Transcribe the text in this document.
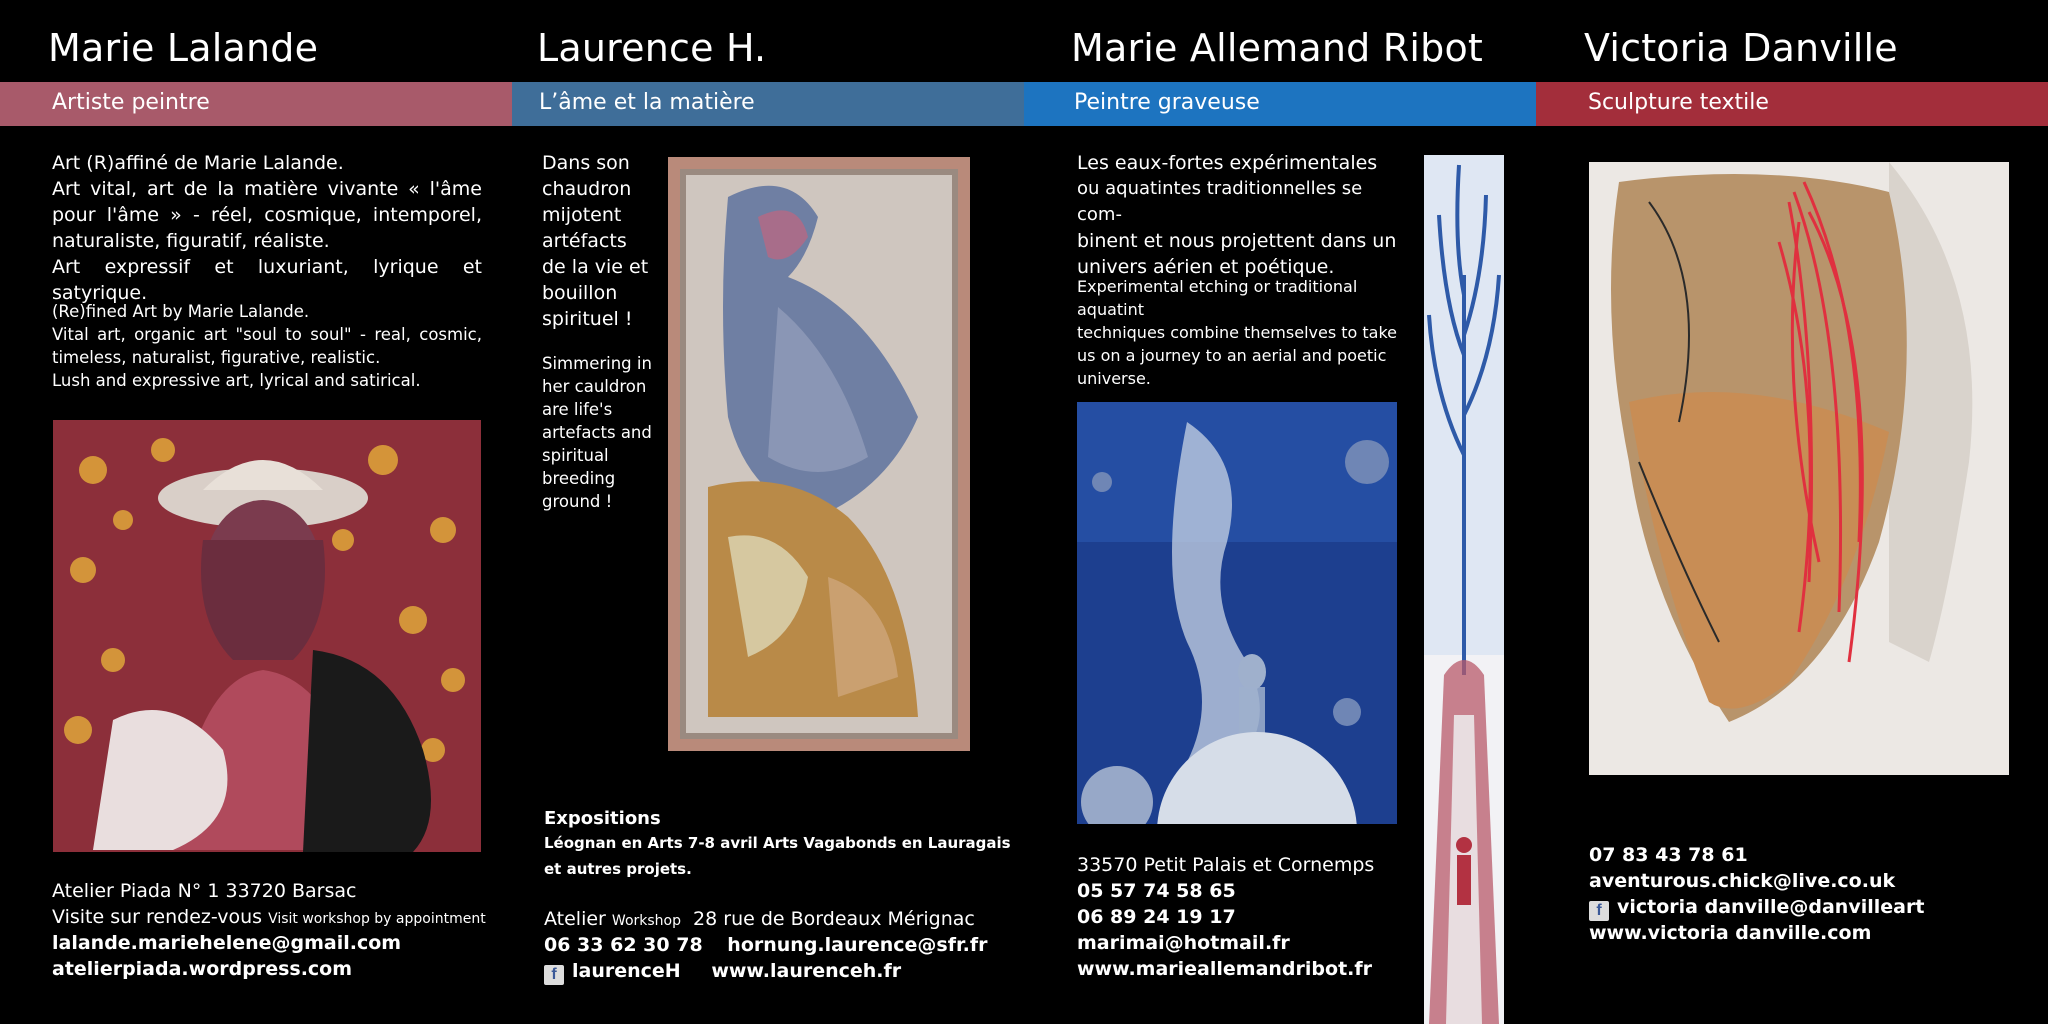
Marie Lalande
Artiste peintre
Art (R)affiné de Marie Lalande.
Art vital, art de la matière vivante « l'âme
pour l'âme » - réel, cosmique, intemporel,
naturaliste, figuratif, réaliste.
Art expressif et luxuriant, lyrique et satyrique.
(Re)fined Art by Marie Lalande.
Vital art, organic art "soul to soul" - real, cosmic,
timeless, naturalist, figurative, realistic.
Lush and expressive art, lyrical and satirical.
Atelier Piada N° 1 33720 Barsac
Visite sur rendez-vous Visit workshop by appointment
lalande.mariehelene@gmail.com
atelierpiada.wordpress.com
Laurence H.
L’âme et la matière
Dans son
chaudron
mijotent
artéfacts
de la vie et
bouillon
spirituel !
Simmering in
her cauldron
are life's
artefacts and
spiritual
breeding
ground !
Expositions
Léognan en Arts 7-8 avril Arts Vagabonds en Lauragais
et autres projets.
Atelier Workshop 28 rue de Bordeaux Mérignac
06 33 62 30 78 hornung.laurence@sfr.fr
f laurenceH www.laurenceh.fr
Marie Allemand Ribot
Peintre graveuse
Les eaux-fortes expérimentales
ou aquatintes traditionnelles se com-
binent et nous projettent dans un
univers aérien et poétique.
Experimental etching or traditional aquatint
techniques combine themselves to take
us on a journey to an aerial and poetic
universe.
33570 Petit Palais et Cornemps
05 57 74 58 65
06 89 24 19 17
marimai@hotmail.fr
www.marieallemandribot.fr
Victoria Danville
Sculpture textile
07 83 43 78 61
aventurous.chick@live.co.uk
f victoria danville@danvilleart
www.victoria danville.com
